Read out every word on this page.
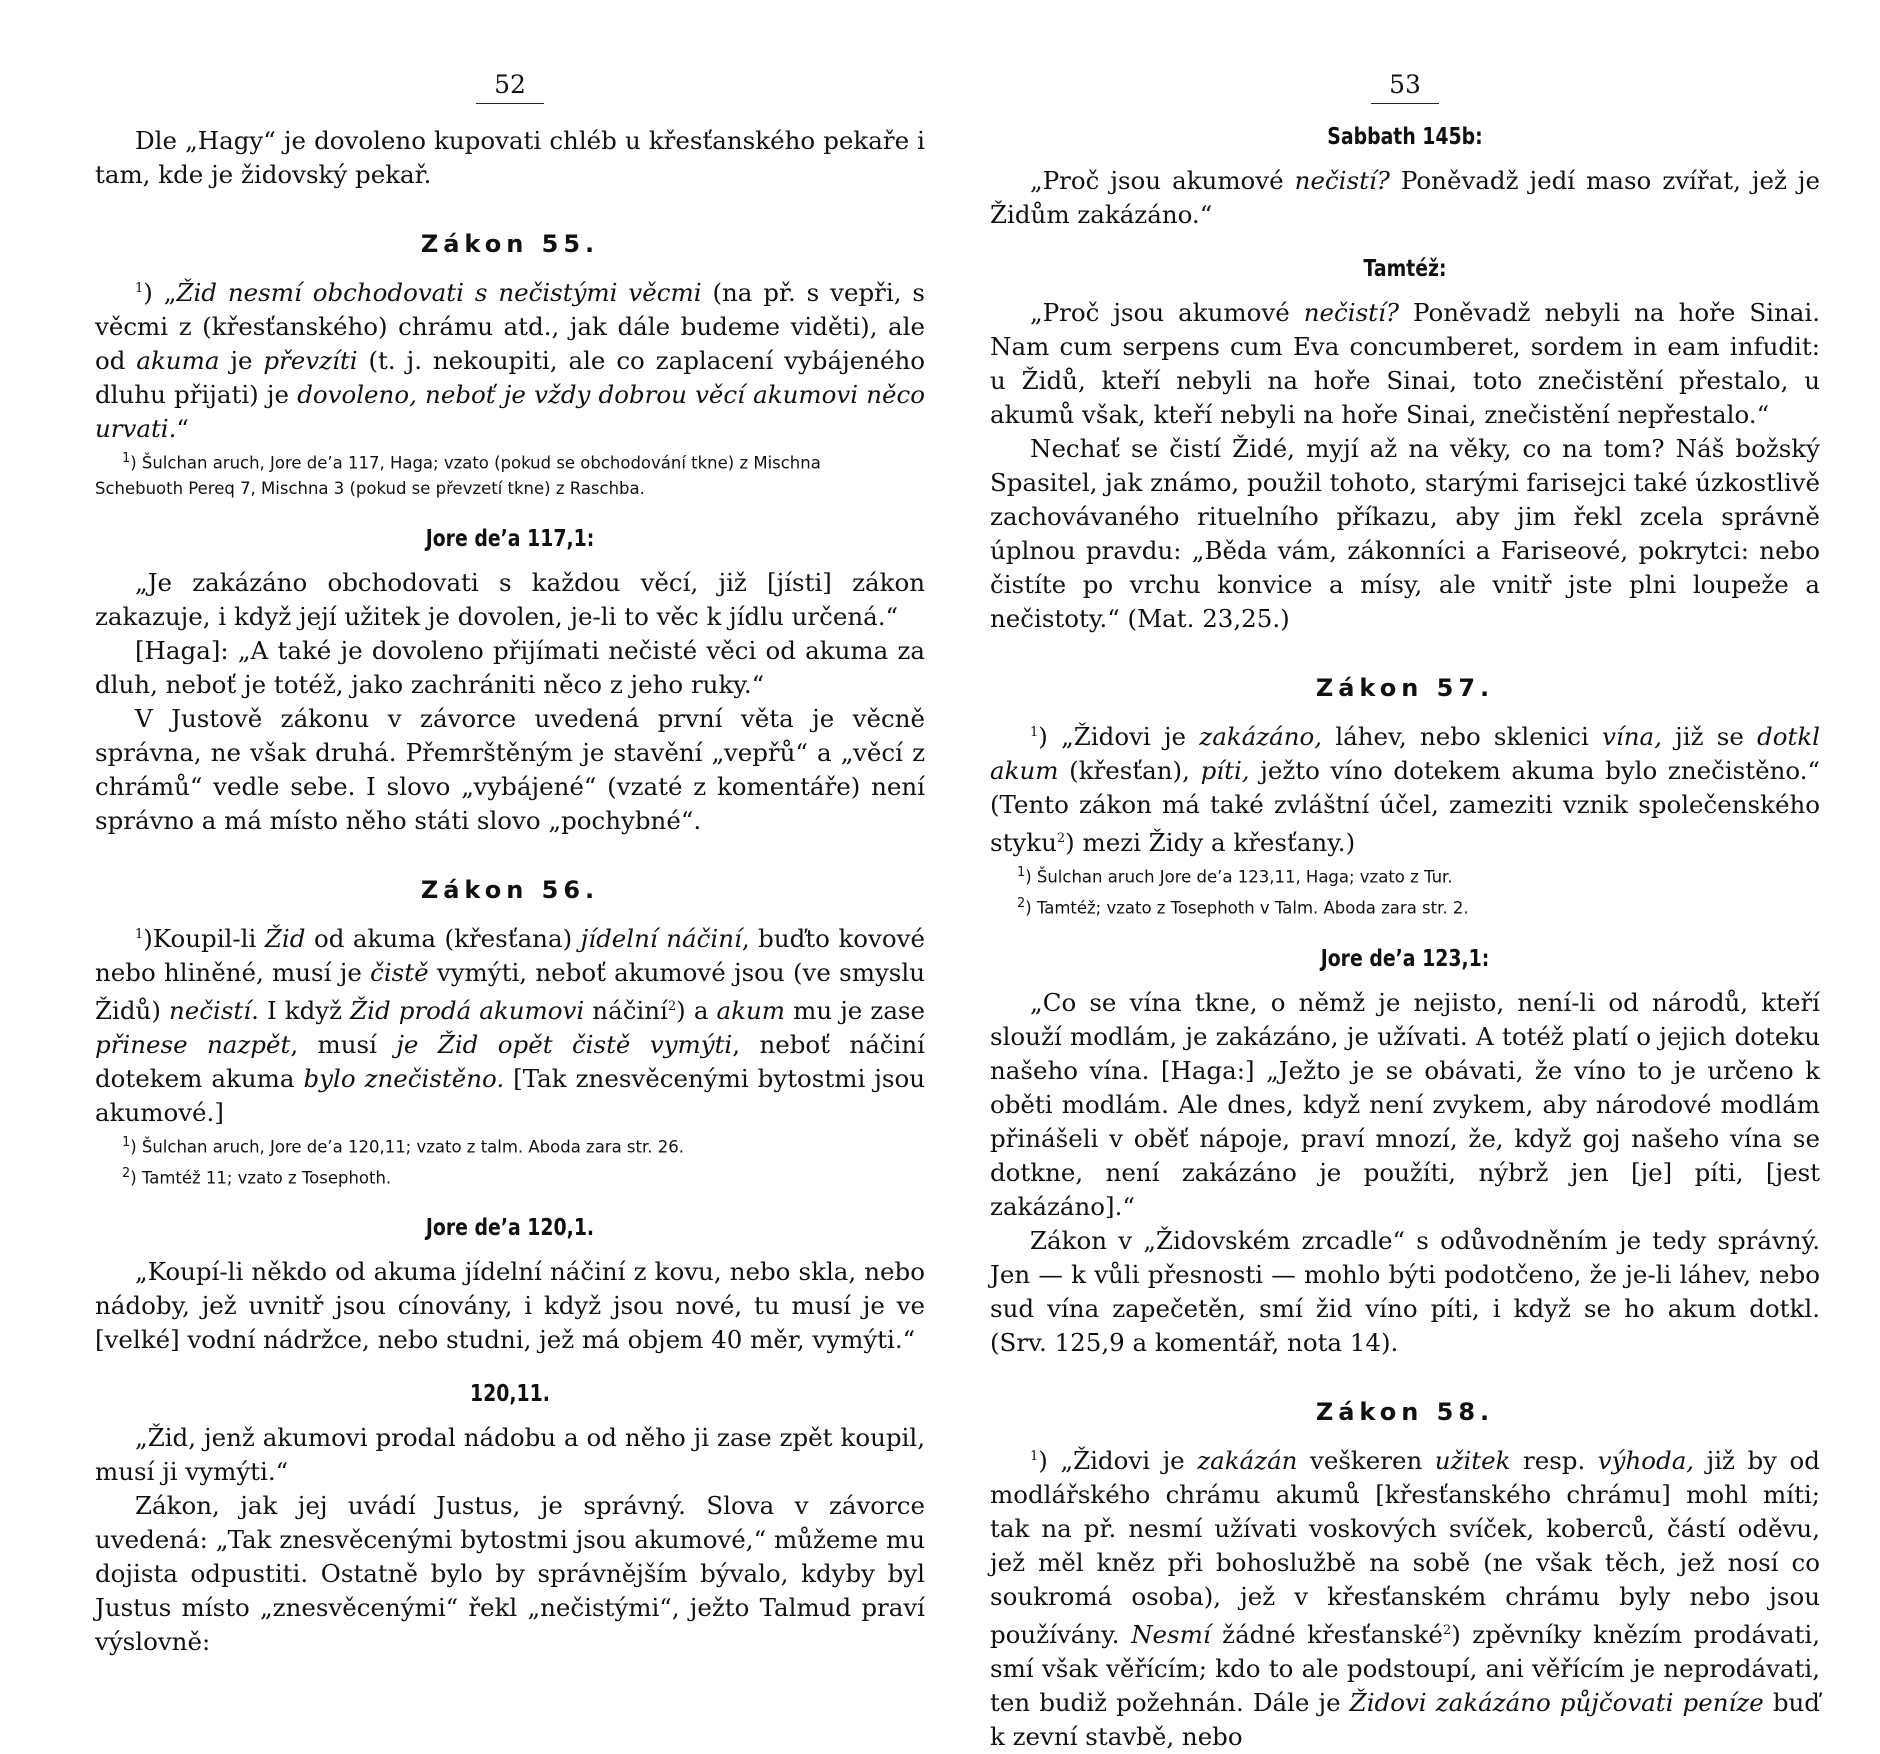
52

Dle „Hagy“ je dovoleno kupovati chléb u křesťanského pekaře i tam, kde je židovský pekař.

Zákon 55.

$^1$) „Žid nesmí obchodovati s nečistými věcmi (na př. s vepři, s věcmi z (křesťanského) chrámu atd., jak dále budeme viděti), ale od akuma je převzíti (t. j. nekoupiti, ale co zaplacení vybájeného dluhu přijati) je dovoleno, neboť je vždy dobrou věcí akumovi něco urvati.“

$^1$) Šulchan aruch, Jore de’a 117, Haga; vzato (pokud se obchodování tkne) z Mischna Schebuoth Pereq 7, Mischna 3 (pokud se převzetí tkne) z Raschba.

Jore de’a 117,1:

„Je zakázáno obchodovati s každou věcí, již [jísti] zákon zakazuje, i když její užitek je dovolen, je-li to věc k jídlu určená.“

[Haga]: „A také je dovoleno přijímati nečisté věci od akuma za dluh, neboť je totéž, jako zachrániti něco z jeho ruky.“

V Justově zákonu v závorce uvedená první věta je věcně správna, ne však druhá. Přemrštěným je stavění „vepřů“ a „věcí z chrámů“ vedle sebe. I slovo „vybájené“ (vzaté z komentáře) není správno a má místo něho státi slovo „pochybné“.

Zákon 56.

$^1$)Koupil-li Žid od akuma (křesťana) jídelní náčiní, buďto kovové nebo hliněné, musí je čistě vymýti, neboť akumové jsou (ve smyslu Židů) nečistí. I když Žid prodá akumovi náčiní$^2$) a akum mu je zase přinese nazpět, musí je Žid opět čistě vymýti, neboť náčiní dotekem akuma bylo znečistěno. [Tak znesvěcenými bytostmi jsou akumové.]

$^1$) Šulchan aruch, Jore de’a 120,11; vzato z talm. Aboda zara str. 26.

$^2$) Tamtéž 11; vzato z Tosephoth.

Jore de’a 120,1.

„Koupí-li někdo od akuma jídelní náčiní z kovu, nebo skla, nebo nádoby, jež uvnitř jsou cínovány, i když jsou nové, tu musí je ve [velké] vodní nádržce, nebo studni, jež má objem 40 měr, vymýti.“

120,11.

„Žid, jenž akumovi prodal nádobu a od něho ji zase zpět koupil, musí ji vymýti.“

Zákon, jak jej uvádí Justus, je správný. Slova v závorce uvedená: „Tak znesvěcenými bytostmi jsou akumové,“ můžeme mu dojista odpustiti. Ostatně bylo by správnějším bývalo, kdyby byl Justus místo „znesvěcenými“ řekl „nečistými“, ježto Talmud praví výslovně:

53
Sabbath 145b:

„Proč jsou akumové nečistí? Poněvadž jedí maso zvířat, jež je Židům zakázáno.“

Tamtéž:

„Proč jsou akumové nečistí? Poněvadž nebyli na hoře Sinai. Nam cum serpens cum Eva concumberet, sordem in eam infudit: u Židů, kteří nebyli na hoře Sinai, toto znečistění přestalo, u akumů však, kteří nebyli na hoře Sinai, znečistění nepřestalo.“

Nechať se čistí Židé, myjí až na věky, co na tom? Náš božský Spasitel, jak známo, použil tohoto, starými farisejci také úzkostlivě zachovávaného rituelního příkazu, aby jim řekl zcela správně úplnou pravdu: „Běda vám, zákonníci a Fariseové, pokrytci: nebo čistíte po vrchu konvice a mísy, ale vnitř jste plni loupeže a nečistoty.“ (Mat. 23,25.)

Zákon 57.

$^1$) „Židovi je zakázáno, láhev, nebo sklenici vína, již se dotkl akum (křesťan), píti, ježto víno dotekem akuma bylo znečistěno.“ (Tento zákon má také zvláštní účel, zameziti vznik společenského styku$^2$) mezi Židy a křesťany.)

$^1$) Šulchan aruch Jore de’a 123,11, Haga; vzato z Tur.

$^2$) Tamtéž; vzato z Tosephoth v Talm. Aboda zara str. 2.

Jore de’a 123,1:

„Co se vína tkne, o němž je nejisto, není-li od národů, kteří slouží modlám, je zakázáno, je užívati. A totéž platí o jejich doteku našeho vína. [Haga:] „Ježto je se obávati, že víno to je určeno k oběti modlám. Ale dnes, když není zvykem, aby národové modlám přinášeli v oběť nápoje, praví mnozí, že, když goj našeho vína se dotkne, není zakázáno je použíti, nýbrž jen [je] píti, [jest zakázáno].“

Zákon v „Židovském zrcadle“ s odůvodněním je tedy správný. Jen — k vůli přesnosti — mohlo býti podotčeno, že je-li láhev, nebo sud vína zapečetěn, smí žid víno píti, i když se ho akum dotkl. (Srv. 125,9 a komentář, nota 14).

Zákon 58.

$^1$) „Židovi je zakázán veškeren užitek resp. výhoda, již by od modlářského chrámu akumů [křesťanského chrámu] mohl míti; tak na př. nesmí užívati voskových svíček, koberců, částí oděvu, jež měl kněz při bohoslužbě na sobě (ne však těch, jež nosí co soukromá osoba), jež v křesťanském chrámu byly nebo jsou používány. Nesmí žádné křesťanské$^2$) zpěvníky knězím prodávati, smí však věřícím; kdo to ale podstoupí, ani věřícím je neprodávati, ten budiž požehnán. Dále je Židovi zakázáno půjčovati peníze buď k zevní stavbě, nebo
